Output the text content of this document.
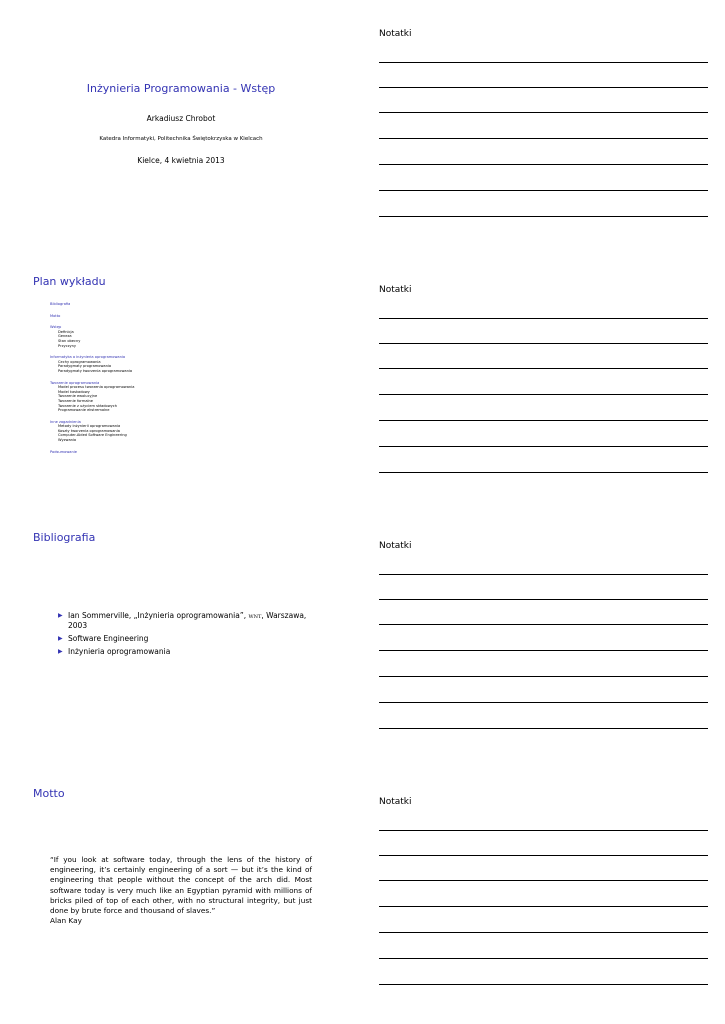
Inżynieria Programowania - Wstęp
Arkadiusz Chrobot
Katedra Informatyki, Politechnika Świętokrzyska w Kielcach
Kielce, 4 kwietnia 2013
Notatki
Plan wykładu
Bibliografia
Motto
Wstęp
Definicja
Geneza
Stan obecny
Przyczyny
Informatyka a inżynieria oprogramowania
Cechy oprogramowania
Paradygmaty programowania
Paradygmaty tworzenia oprogramowania
Tworzenie oprogramowania
Model procesu tworzenia oprogramowania
Model kaskadowy
Tworzenie ewolucyjne
Tworzenie formalne
Tworzenie z użyciem składowych
Programowanie ekstremalne
Inne zagadnienia
Metody inżynierii oprogramowania
Koszty tworzenia oprogramowania
Computer-Aided Software Engineering
Wyzwania
Podsumowanie
Notatki
Bibliografia
▶ Ian Sommerville, „Inżynieria oprogramowania”, wnt, Warszawa, 2003
▶ Software Engineering
▶ Inżynieria oprogramowania
Notatki
Motto
“If you look at software today, through the lens of the history of engineering, it’s certainly engineering of a sort — but it’s the kind of engineering that people without the concept of the arch did. Most software today is very much like an Egyptian pyramid with millions of bricks piled of top of each other, with no structural integrity, but just done by brute force and thousand of slaves.”
Alan Kay
Notatki
